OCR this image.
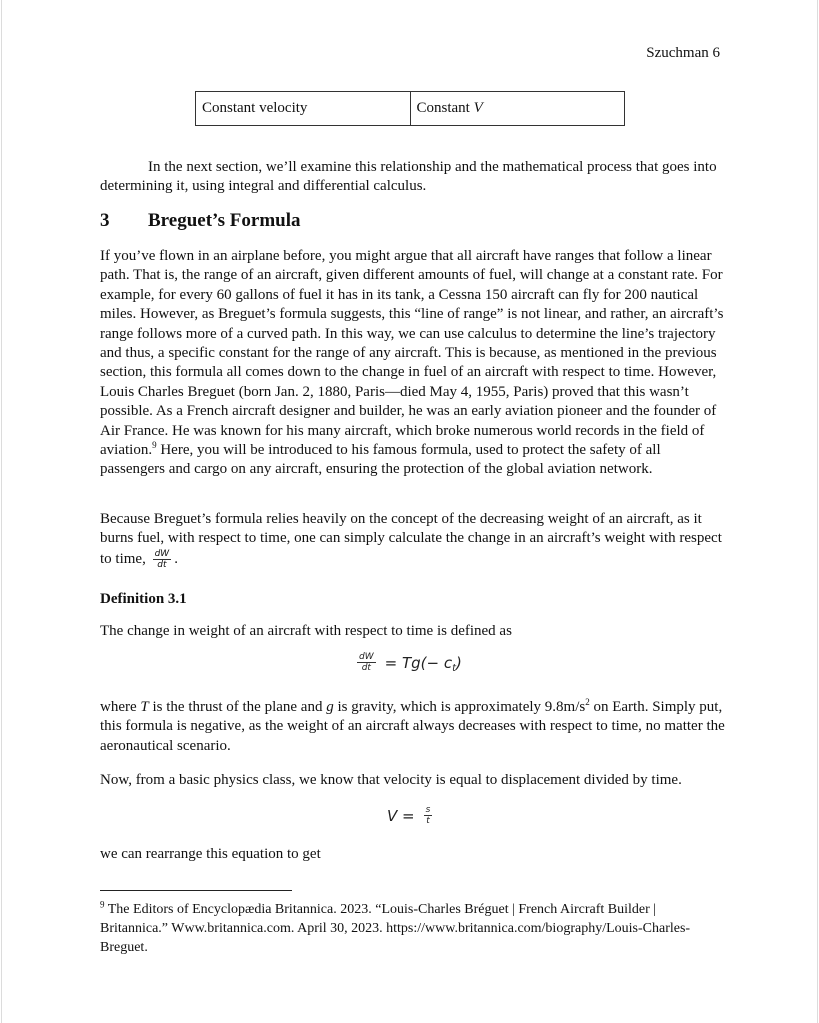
Szuchman 6
Constant velocity	Constant V
In the next section, we’ll examine this relationship and the mathematical process that goes into determining it, using integral and differential calculus.
3 Breguet’s Formula
If you’ve flown in an airplane before, you might argue that all aircraft have ranges that follow a linear path. That is, the range of an aircraft, given different amounts of fuel, will change at a constant rate. For example, for every 60 gallons of fuel it has in its tank, a Cessna 150 aircraft can fly for 200 nautical miles. However, as Breguet’s formula suggests, this “line of range” is not linear, and rather, an aircraft’s range follows more of a curved path. In this way, we can use calculus to determine the line’s trajectory and thus, a specific constant for the range of any aircraft. This is because, as mentioned in the previous section, this formula all comes down to the change in fuel of an aircraft with respect to time. However, Louis Charles Breguet (born Jan. 2, 1880, Paris—died May 4, 1955, Paris) proved that this wasn’t possible. As a French aircraft designer and builder, he was an early aviation pioneer and the founder of Air France. He was known for his many aircraft, which broke numerous world records in the field of aviation.$^9$ Here, you will be introduced to his famous formula, used to protect the safety of all passengers and cargo on any aircraft, ensuring the protection of the global aviation network.
Because Breguet’s formula relies heavily on the concept of the decreasing weight of an aircraft, as it burns fuel, with respect to time, one can simply calculate the change in an aircraft’s weight with respect to time, $\frac{dW}{dt}$ .
Definition 3.1
The change in weight of an aircraft with respect to time is defined as
$\frac{dW}{dt} = Tg(- c$ t )
where T is the thrust of the plane and g is gravity, which is approximately $9.8m/s^2$ on Earth. Simply put, this formula is negative, as the weight of an aircraft always decreases with respect to time, no matter the aeronautical scenario.
Now, from a basic physics class, we know that velocity is equal to displacement divided by time.
$V = \frac{s}{t}$
we can rearrange this equation to get
$^9$ The Editors of Encyclopædia Britannica. 2023. “Louis-Charles Bréguet | French Aircraft Builder | Britannica.” Www.britannica.com. April 30, 2023. https://www.britannica.com/biography/Louis-Charles-Breguet.
